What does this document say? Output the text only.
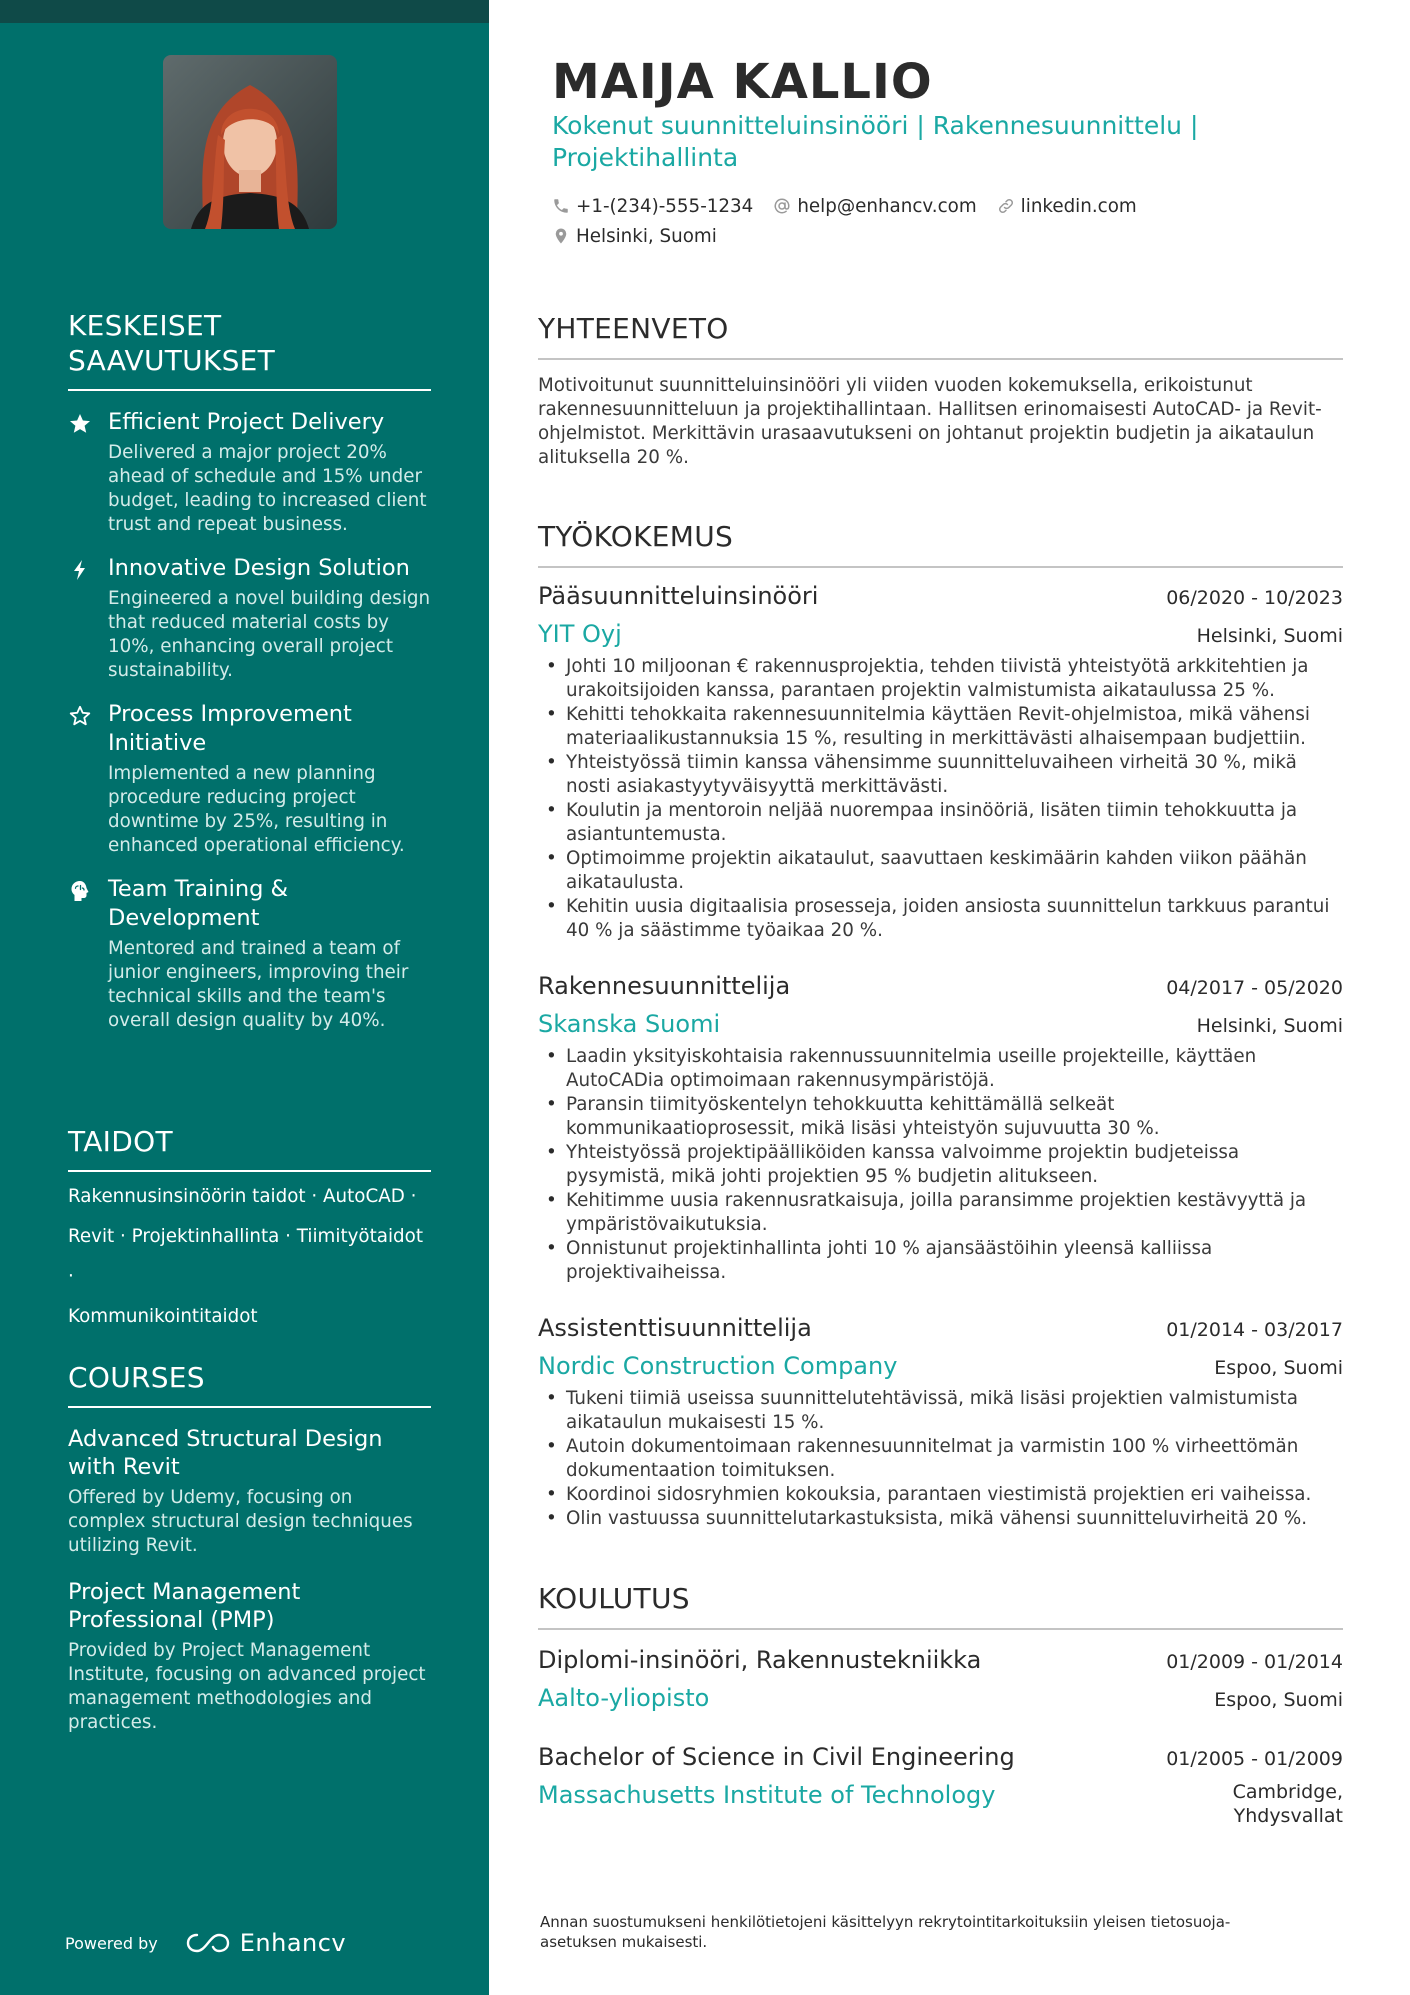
KESKEISET
SAAVUTUKSET
Efficient Project Delivery
Delivered a major project 20% ahead of schedule and 15% under budget, leading to increased client trust and repeat business.
Innovative Design Solution
Engineered a novel building design that reduced material costs by 10%, enhancing overall project sustainability.
Process Improvement Initiative
Implemented a new planning procedure reducing project downtime by 25%, resulting in enhanced operational efficiency.
Team Training & Development
Mentored and trained a team of junior engineers, improving their technical skills and the team's overall design quality by 40%.
TAIDOT
Rakennusinsinöörin taidot · AutoCAD ·
Revit · Projektinhallinta · Tiimityötaidot ·
Kommunikointitaidot
COURSES
Advanced Structural Design with Revit
Offered by Udemy, focusing on complex structural design techniques utilizing Revit.
Project Management Professional (PMP)
Provided by Project Management Institute, focusing on advanced project management methodologies and practices.
Powered by	Enhancv
MAIJA KALLIO
Kokenut suunnitteluinsinööri | Rakennesuunnittelu |
Projektihallinta
+1-(234)-555-1234 help@enhancv.com linkedin.com
Helsinki, Suomi
YHTEENVETO
Motivoitunut suunnitteluinsinööri yli viiden vuoden kokemuksella, erikoistunut rakennesuunnitteluun ja projektihallintaan. Hallitsen erinomaisesti AutoCAD- ja Revit-ohjelmistot. Merkittävin urasaavutukseni on johtanut projektin budjetin ja aikataulun alituksella 20 %.
TYÖKOKEMUS
Pääsuunnitteluinsinööri	06/2020 - 10/2023
YIT Oyj	Helsinki, Suomi
• Johti 10 miljoonan € rakennusprojektia, tehden tiivistä yhteistyötä arkkitehtien ja urakoitsijoiden kanssa, parantaen projektin valmistumista aikataulussa 25 %.
• Kehitti tehokkaita rakennesuunnitelmia käyttäen Revit-ohjelmistoa, mikä vähensi materiaalikustannuksia 15 %, resulting in merkittävästi alhaisempaan budjettiin.
• Yhteistyössä tiimin kanssa vähensimme suunnitteluvaiheen virheitä 30 %, mikä nosti asiakastyytyväisyyttä merkittävästi.
• Koulutin ja mentoroin neljää nuorempaa insinööriä, lisäten tiimin tehokkuutta ja asiantuntemusta.
• Optimoimme projektin aikataulut, saavuttaen keskimäärin kahden viikon päähän aikataulusta.
• Kehitin uusia digitaalisia prosesseja, joiden ansiosta suunnittelun tarkkuus parantui 40 % ja säästimme työaikaa 20 %.
Rakennesuunnittelija	04/2017 - 05/2020
Skanska Suomi	Helsinki, Suomi
• Laadin yksityiskohtaisia rakennussuunnitelmia useille projekteille, käyttäen AutoCADia optimoimaan rakennusympäristöjä.
• Paransin tiimityöskentelyn tehokkuutta kehittämällä selkeät kommunikaatioprosessit, mikä lisäsi yhteistyön sujuvuutta 30 %.
• Yhteistyössä projektipäälliköiden kanssa valvoimme projektin budjeteissa pysymistä, mikä johti projektien 95 % budjetin alitukseen.
• Kehitimme uusia rakennusratkaisuja, joilla paransimme projektien kestävyyttä ja ympäristövaikutuksia.
• Onnistunut projektinhallinta johti 10 % ajansäästöihin yleensä kalliissa projektivaiheissa.
Assistenttisuunnittelija	01/2014 - 03/2017
Nordic Construction Company	Espoo, Suomi
• Tukeni tiimiä useissa suunnittelutehtävissä, mikä lisäsi projektien valmistumista aikataulun mukaisesti 15 %.
• Autoin dokumentoimaan rakennesuunnitelmat ja varmistin 100 % virheettömän dokumentaation toimituksen.
• Koordinoi sidosryhmien kokouksia, parantaen viestimistä projektien eri vaiheissa.
• Olin vastuussa suunnittelutarkastuksista, mikä vähensi suunnitteluvirheitä 20 %.
KOULUTUS
Diplomi-insinööri, Rakennustekniikka	01/2009 - 01/2014
Aalto-yliopisto	Espoo, Suomi
Bachelor of Science in Civil Engineering	01/2005 - 01/2009
Massachusetts Institute of Technology	Cambridge,
Yhdysvallat
Annan suostumukseni henkilötietojeni käsittelyyn rekrytointitarkoituksiin yleisen tietosuoja-asetuksen mukaisesti.
